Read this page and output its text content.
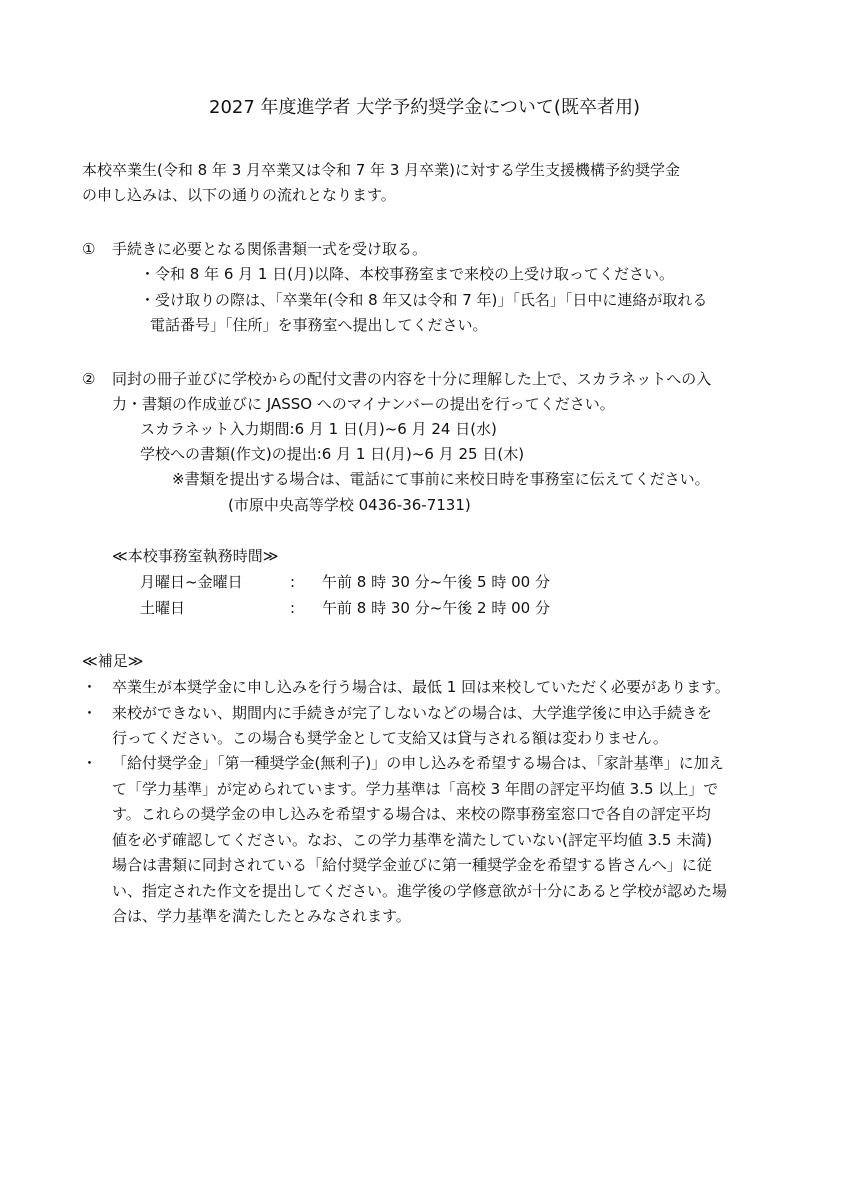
2027 年度進学者 大学予約奨学金について(既卒者用)
本校卒業生(令和 8 年 3 月卒業又は令和 7 年 3 月卒業)に対する学生支援機構予約奨学金
の申し込みは、以下の通りの流れとなります。
① 手続きに必要となる関係書類一式を受け取る。
・令和 8 年 6 月 1 日(月)以降、本校事務室まで来校の上受け取ってください。
・受け取りの際は、「卒業年(令和 8 年又は令和 7 年)」「氏名」「日中に連絡が取れる
電話番号」「住所」を事務室へ提出してください。
② 同封の冊子並びに学校からの配付文書の内容を十分に理解した上で、スカラネットへの入
力・書類の作成並びに JASSO へのマイナンバーの提出を行ってください。
スカラネット入力期間:6 月 1 日(月)~6 月 24 日(水)
学校への書類(作文)の提出:6 月 1 日(月)~6 月 25 日(木)
※書類を提出する場合は、電話にて事前に来校日時を事務室に伝えてください。
(市原中央高等学校 0436-36-7131)
≪本校事務室執務時間≫
月曜日~金曜日	: 午前 8 時 30 分~午後 5 時 00 分
土曜日	: 午前 8 時 30 分~午後 2 時 00 分
≪補足≫
・ 卒業生が本奨学金に申し込みを行う場合は、最低 1 回は来校していただく必要があります。
・ 来校ができない、期間内に手続きが完了しないなどの場合は、大学進学後に申込手続きを
行ってください。この場合も奨学金として支給又は貸与される額は変わりません。
・ 「給付奨学金」「第一種奨学金(無利子)」の申し込みを希望する場合は、「家計基準」に加え
て「学力基準」が定められています。学力基準は「高校 3 年間の評定平均値 3.5 以上」で
す。これらの奨学金の申し込みを希望する場合は、来校の際事務室窓口で各自の評定平均
値を必ず確認してください。なお、この学力基準を満たしていない(評定平均値 3.5 未満)
場合は書類に同封されている「給付奨学金並びに第一種奨学金を希望する皆さんへ」に従
い、指定された作文を提出してください。進学後の学修意欲が十分にあると学校が認めた場
合は、学力基準を満たしたとみなされます。
